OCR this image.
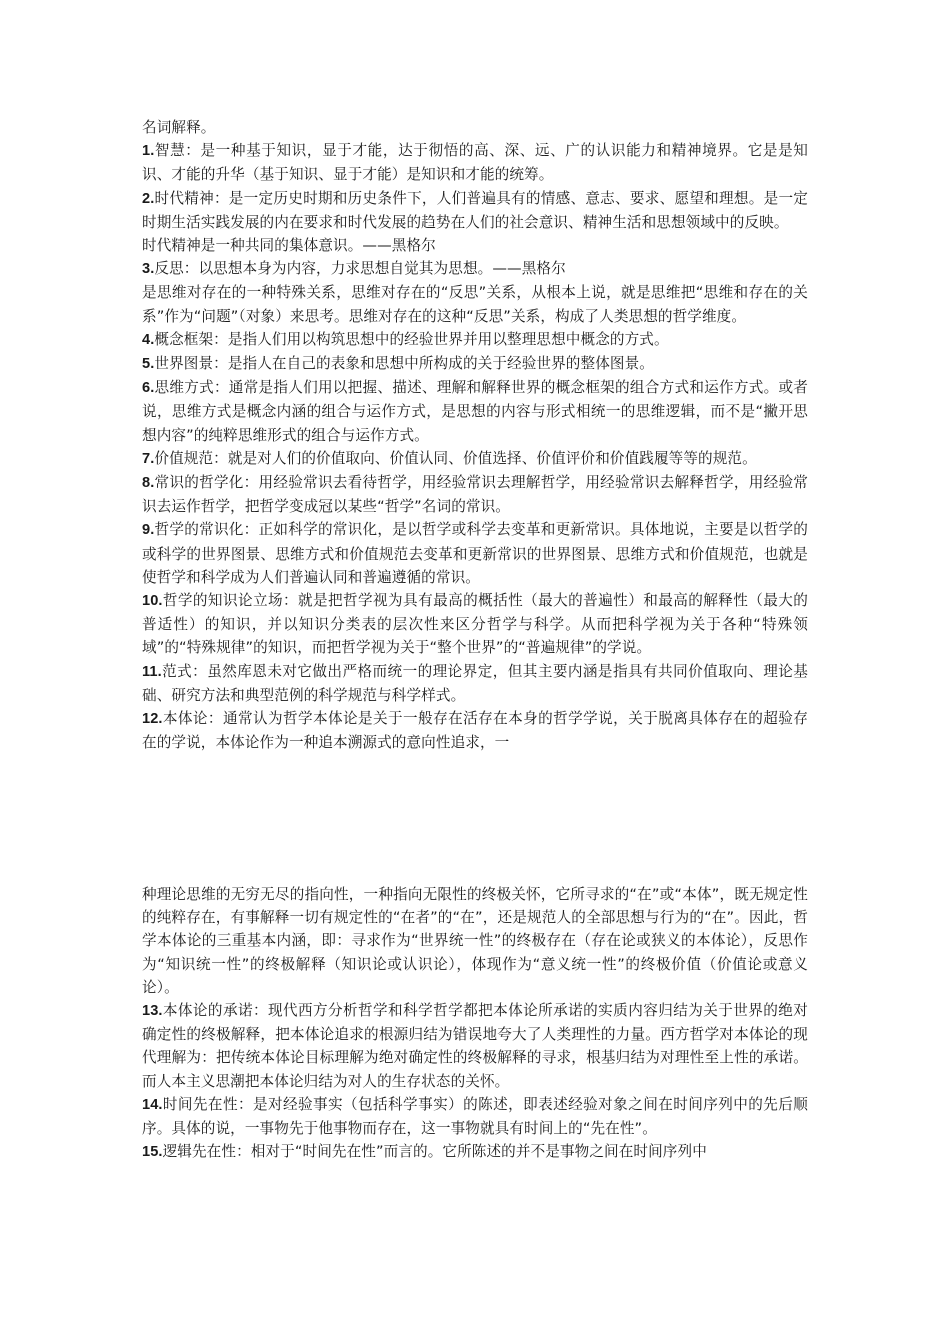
名词解释。

1.智慧：是一种基于知识，显于才能，达于彻悟的高、深、远、广的认识能力和精神境界。它是是知识、才能的升华（基于知识、显于才能）是知识和才能的统筹。

2.时代精神：是一定历史时期和历史条件下，人们普遍具有的情感、意志、要求、愿望和理想。是一定时期生活实践发展的内在要求和时代发展的趋势在人们的社会意识、精神生活和思想领域中的反映。

时代精神是一种共同的集体意识。——黑格尔

3.反思：以思想本身为内容，力求思想自觉其为思想。——黑格尔

是思维对存在的一种特殊关系，思维对存在的“反思”关系，从根本上说，就是思维把“思维和存在的关系”作为“问题”（对象）来思考。思维对存在的这种“反思”关系，构成了人类思想的哲学维度。

4.概念框架：是指人们用以构筑思想中的经验世界并用以整理思想中概念的方式。

5.世界图景：是指人在自己的表象和思想中所构成的关于经验世界的整体图景。

6.思维方式：通常是指人们用以把握、描述、理解和解释世界的概念框架的组合方式和运作方式。或者说，思维方式是概念内涵的组合与运作方式，是思想的内容与形式相统一的思维逻辑，而不是“撇开思想内容”的纯粹思维形式的组合与运作方式。

7.价值规范：就是对人们的价值取向、价值认同、价值选择、价值评价和价值践履等等的规范。

8.常识的哲学化：用经验常识去看待哲学，用经验常识去理解哲学，用经验常识去解释哲学，用经验常识去运作哲学，把哲学变成冠以某些“哲学”名词的常识。

9.哲学的常识化：正如科学的常识化，是以哲学或科学去变革和更新常识。具体地说，主要是以哲学的或科学的世界图景、思维方式和价值规范去变革和更新常识的世界图景、思维方式和价值规范，也就是使哲学和科学成为人们普遍认同和普遍遵循的常识。

10.哲学的知识论立场：就是把哲学视为具有最高的概括性（最大的普遍性）和最高的解释性（最大的普适性）的知识，并以知识分类表的层次性来区分哲学与科学。从而把科学视为关于各种“特殊领域”的“特殊规律”的知识，而把哲学视为关于“整个世界”的“普遍规律”的学说。

11.范式：虽然库恩未对它做出严格而统一的理论界定，但其主要内涵是指具有共同价值取向、理论基础、研究方法和典型范例的科学规范与科学样式。

12.本体论：通常认为哲学本体论是关于一般存在活存在本身的哲学学说，关于脱离具体存在的超验存在的学说，本体论作为一种追本溯源式的意向性追求，一

种理论思维的无穷无尽的指向性，一种指向无限性的终极关怀，它所寻求的“在”或“本体”，既无规定性的纯粹存在，有事解释一切有规定性的“在者”的“在”，还是规范人的全部思想与行为的“在”。因此，哲学本体论的三重基本内涵，即：寻求作为“世界统一性”的终极存在（存在论或狭义的本体论），反思作为“知识统一性”的终极解释（知识论或认识论），体现作为“意义统一性”的终极价值（价值论或意义论）。

13.本体论的承诺：现代西方分析哲学和科学哲学都把本体论所承诺的实质内容归结为关于世界的绝对确定性的终极解释，把本体论追求的根源归结为错误地夸大了人类理性的力量。西方哲学对本体论的现代理解为：把传统本体论目标理解为绝对确定性的终极解释的寻求，根基归结为对理性至上性的承诺。而人本主义思潮把本体论归结为对人的生存状态的关怀。

14.时间先在性：是对经验事实（包括科学事实）的陈述，即表述经验对象之间在时间序列中的先后顺序。具体的说，一事物先于他事物而存在，这一事物就具有时间上的“先在性”。

15.逻辑先在性：相对于“时间先在性”而言的。它所陈述的并不是事物之间在时间序列中
